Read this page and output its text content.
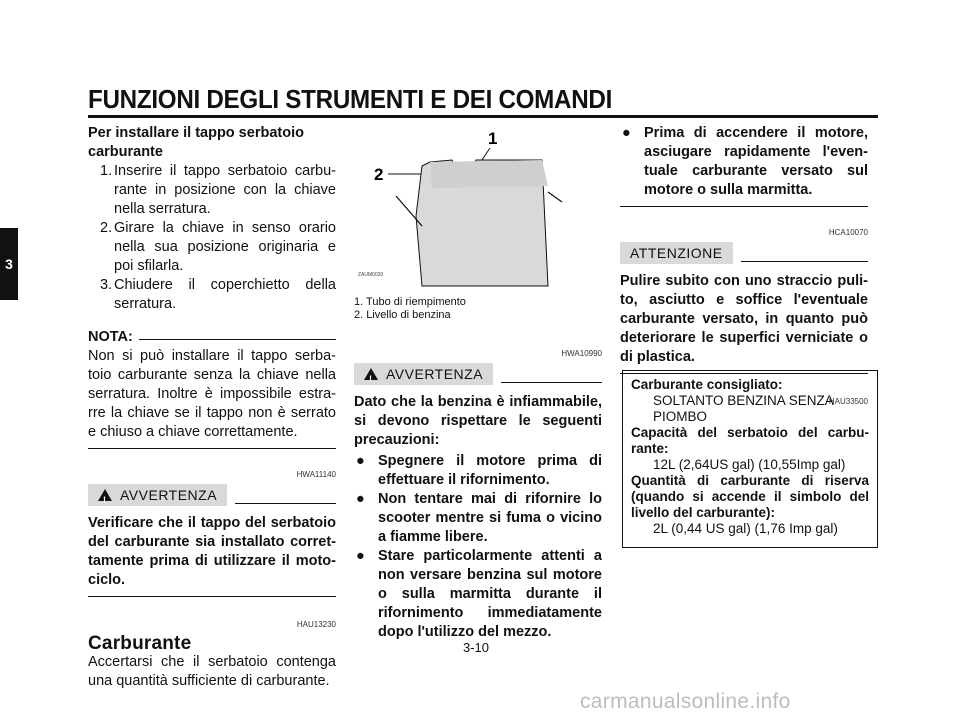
FUNZIONI DEGLI STRUMENTI E DEI COMANDI
3
Per installare il tappo serbatoio carburante
1. Inserire il tappo serbatoio carbu-rante in posizione con la chiave nella serratura.
2. Girare la chiave in senso orario nella sua posizione originaria e poi sfilarla.
3. Chiudere il coperchietto della serratura.
NOTA:
Non si può installare il tappo serba-toio carburante senza la chiave nella serratura. Inoltre è impossibile estra-rre la chiave se il tappo non è serrato e chiuso a chiave correttamente.
HWA11140
! AVVERTENZA
Verificare che il tappo del serbatoio del carburante sia installato corret-tamente prima di utilizzare il moto-ciclo.
HAU13230
Carburante
Accertarsi che il serbatoio contenga una quantità sufficiente di carburante.
1
2
ZAUM0020
1. Tubo di riempimento
2. Livello di benzina
HWA10990
! AVVERTENZA
Dato che la benzina è infiammabile, si devono rispettare le seguenti precauzioni:
● Spegnere il motore prima di effettuare il rifornimento.
● Non tentare mai di rifornire lo scooter mentre si fuma o vicino a fiamme libere.
● Stare particolarmente attenti a non versare benzina sul motore o sulla marmitta durante il rifornimento immediatamente dopo l'utilizzo del mezzo.
● Prima di accendere il motore, asciugare rapidamente l'even-tuale carburante versato sul motore o sulla marmitta.
HCA10070
ATTENZIONE
Pulire subito con uno straccio puli-to, asciutto e soffice l'eventuale carburante versato, in quanto può deteriorare le superfici verniciate o di plastica.
HAU33500
Carburante consigliato:
SOLTANTO BENZINA SENZA
PIOMBO
Capacità del serbatoio del carbu-rante:
12L (2,64US gal) (10,55Imp gal)
Quantità di carburante di riserva (quando si accende il simbolo del livello del carburante):
2L (0,44 US gal) (1,76 Imp gal)
3-10
carmanualsonline.info
